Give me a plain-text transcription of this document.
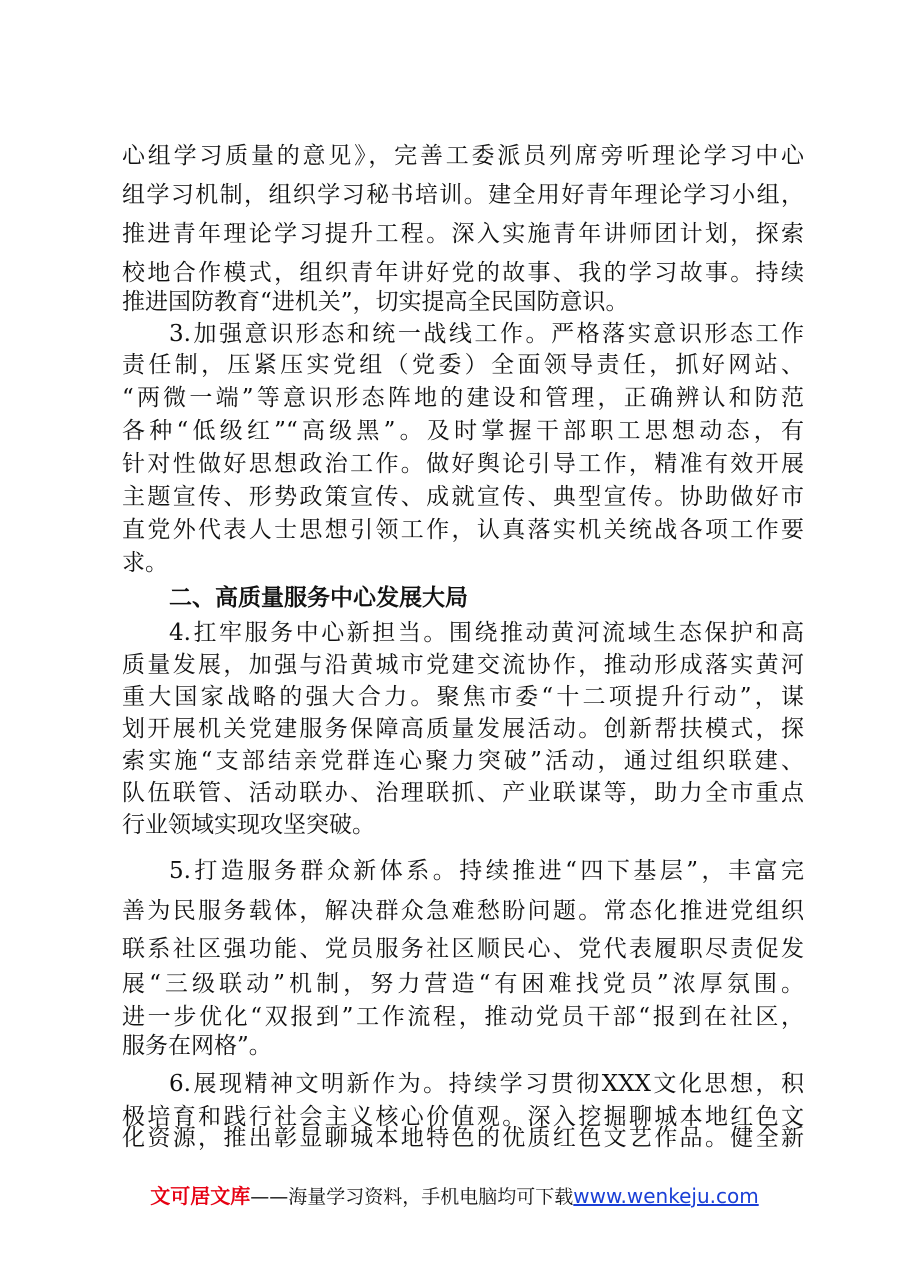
心组学习质量的意见》，完善工委派员列席旁听理论学习中心
组学习机制，组织学习秘书培训。建全用好青年理论学习小组，
推进青年理论学习提升工程。深入实施青年讲师团计划，探索
校地合作模式，组织青年讲好党的故事、我的学习故事。持续
推进国防教育“进机关”，切实提高全民国防意识。
3.加强意识形态和统一战线工作。严格落实意识形态工作
责任制，压紧压实党组（党委）全面领导责任，抓好网站、
“两微一端”等意识形态阵地的建设和管理，正确辨认和防范
各种“低级红”“高级黑”。及时掌握干部职工思想动态，有
针对性做好思想政治工作。做好舆论引导工作，精准有效开展
主题宣传、形势政策宣传、成就宣传、典型宣传。协助做好市
直党外代表人士思想引领工作，认真落实机关统战各项工作要
求。
二、高质量服务中心发展大局
4.扛牢服务中心新担当。围绕推动黄河流域生态保护和高
质量发展，加强与沿黄城市党建交流协作，推动形成落实黄河
重大国家战略的强大合力。聚焦市委“十二项提升行动”，谋
划开展机关党建服务保障高质量发展活动。创新帮扶模式，探
索实施“支部结亲党群连心聚力突破”活动，通过组织联建、
队伍联管、活动联办、治理联抓、产业联谋等，助力全市重点
行业领域实现攻坚突破。
5.打造服务群众新体系。持续推进“四下基层”，丰富完
善为民服务载体，解决群众急难愁盼问题。常态化推进党组织
联系社区强功能、党员服务社区顺民心、党代表履职尽责促发
展“三级联动”机制，努力营造“有困难找党员”浓厚氛围。
进一步优化“双报到”工作流程，推动党员干部“报到在社区，
服务在网格”。
6.展现精神文明新作为。持续学习贯彻XXX文化思想，积
极培育和践行社会主义核心价值观。深入挖掘聊城本地红色文
化资源，推出彰显聊城本地特色的优质红色文艺作品。健全新
文可居文库——海量学习资料，手机电脑均可下载www.wenkeju.com
